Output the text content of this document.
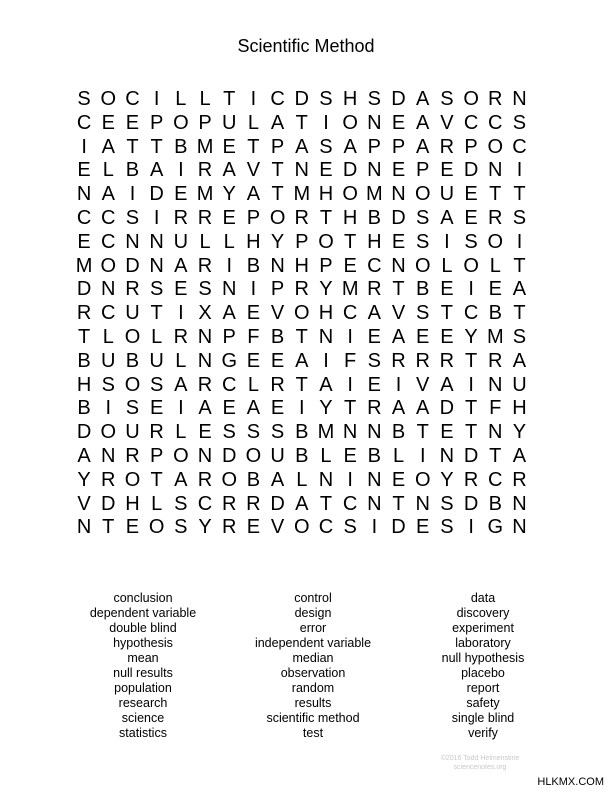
Scientific Method
S O C I L L T I C D S H S D A S O R N
C E E P O P U L A T I O N E A V C C S
I A T T B M E T P A S A P P A R P O C
E L B A I R A V T N E D N E P E D N I
N A I D E M Y A T M H O M N O U E T T
C C S I R R E P O R T H B D S A E R S
E C N N U L L H Y P O T H E S I S O I
M O D N A R I B N H P E C N O L O L T
D N R S E S N I P R Y M R T B E I E A
R C U T I X A E V O H C A V S T C B T
T L O L R N P F B T N I E A E E Y M S
B U B U L N G E E A I F S R R R T R A
H S O S A R C L R T A I E I V A I N U
B I S E I A E A E I Y T R A A D T F H
D O U R L E S S S B M N N B T E T N Y
A N R P O N D O U B L E B L I N D T A
Y R O T A R O B A L N I N E O Y R C R
V D H L S C R R D A T C N T N S D B N
N T E O S Y R E V O C S I D E S I G N
conclusion
dependent variable
double blind
hypothesis
mean
null results
population
research
science
statistics
control
design
error
independent variable
median
observation
random
results
scientific method
test
data
discovery
experiment
laboratory
null hypothesis
placebo
report
safety
single blind
verify
©2016 Todd Helmenstine
sciencenotes.org
HLKMX.COM
